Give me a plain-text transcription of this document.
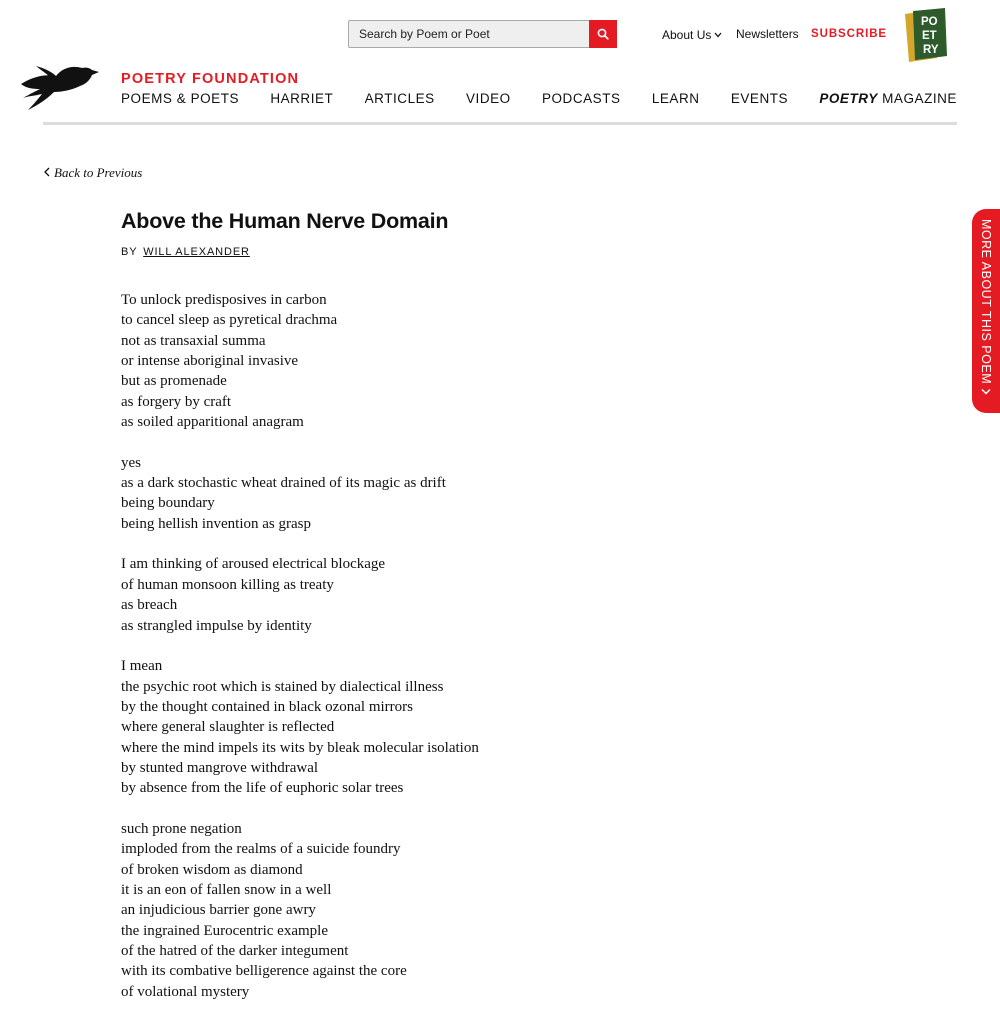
Search by Poem or Poet
About Us	Newsletters SUBSCRIBE
PO
ET
RY
POETRY FOUNDATION
POEMS & POETS HARRIET ARTICLES VIDEO PODCASTS LEARN EVENTS POETRY MAGAZINE
Back to Previous
Above the Human Nerve Domain
BY WILL ALEXANDER
To unlock predisposives in carbon
to cancel sleep as pyretical drachma
not as transaxial summa
or intense aboriginal invasive
but as promenade
as forgery by craft
as soiled apparitional anagram
yes
as a dark stochastic wheat drained of its magic as drift
being boundary
being hellish invention as grasp
I am thinking of aroused electrical blockage
of human monsoon killing as treaty
as breach
as strangled impulse by identity
I mean
the psychic root which is stained by dialectical illness
by the thought contained in black ozonal mirrors
where general slaughter is reflected
where the mind impels its wits by bleak molecular isolation
by stunted mangrove withdrawal
by absence from the life of euphoric solar trees
such prone negation
imploded from the realms of a suicide foundry
of broken wisdom as diamond
it is an eon of fallen snow in a well
an injudicious barrier gone awry
the ingrained Eurocentric example
of the hatred of the darker integument
with its combative belligerence against the core
of volational mystery
MORE ABOUT THIS POEM
